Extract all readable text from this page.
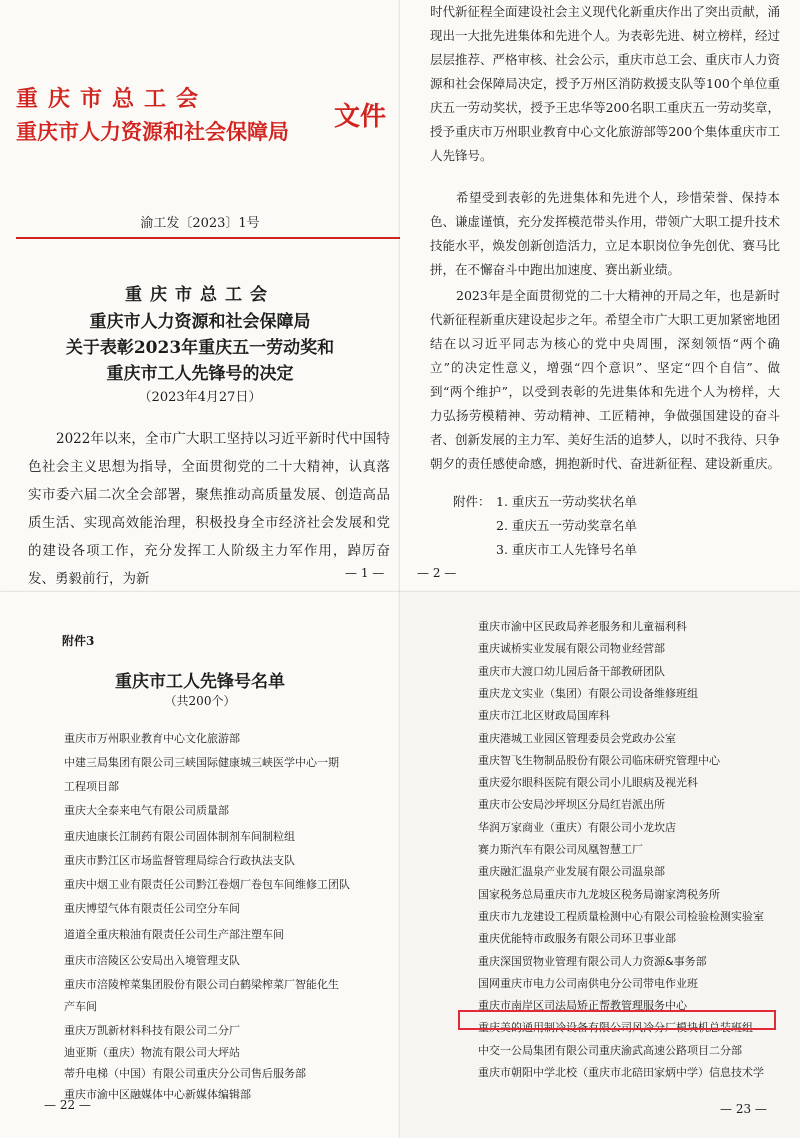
重庆市总工会
重庆市人力资源和社会保障局 文件
渝工发〔2023〕1号
重庆市总工会
重庆市人力资源和社会保障局
关于表彰2023年重庆五一劳动奖和
重庆市工人先锋号的决定
（2023年4月27日）
2022年以来，全市广大职工坚持以习近平新时代中国特色社会主义思想为指导，全面贯彻党的二十大精神，认真落实市委六届二次全会部署，聚焦推动高质量发展、创造高品质生活、实现高效能治理，积极投身全市经济社会发展和党的建设各项工作，充分发挥工人阶级主力军作用，踔厉奋发、勇毅前行，为新	— 1 —
时代新征程全面建设社会主义现代化新重庆作出了突出贡献，涌现出一大批先进集体和先进个人。为表彰先进、树立榜样，经过层层推荐、严格审核、社会公示，重庆市总工会、重庆市人力资源和社会保障局决定，授予万州区消防救援支队等100个单位重庆五一劳动奖状，授予王忠华等200名职工重庆五一劳动奖章，授予重庆市万州职业教育中心文化旅游部等200个集体重庆市工人先锋号。
希望受到表彰的先进集体和先进个人，珍惜荣誉、保持本色、谦虚谨慎，充分发挥模范带头作用，带领广大职工提升技术技能水平，焕发创新创造活力，立足本职岗位争先创优、赛马比拼，在不懈奋斗中跑出加速度、赛出新业绩。
2023年是全面贯彻党的二十大精神的开局之年，也是新时代新征程新重庆建设起步之年。希望全市广大职工更加紧密地团结在以习近平同志为核心的党中央周围，深刻领悟“两个确立”的决定性意义，增强“四个意识”、坚定“四个自信”、做到“两个维护”，以受到表彰的先进集体和先进个人为榜样，大力弘扬劳模精神、劳动精神、工匠精神，争做强国建设的奋斗者、创新发展的主力军、美好生活的追梦人，以时不我待、只争朝夕的责任感使命感，拥抱新时代、奋进新征程、建设新重庆。
附件： 1. 重庆五一劳动奖状名单
2. 重庆五一劳动奖章名单
3. 重庆市工人先锋号名单
— 2 —
附件3
重庆市工人先锋号名单
（共200个）
重庆市万州职业教育中心文化旅游部
中建三局集团有限公司三峡国际健康城三峡医学中心一期
工程项目部
重庆大全泰来电气有限公司质量部
重庆迪康长江制药有限公司固体制剂车间制粒组
重庆市黔江区市场监督管理局综合行政执法支队
重庆中烟工业有限责任公司黔江卷烟厂卷包车间维修工团队
重庆博望气体有限责任公司空分车间
道道全重庆粮油有限责任公司生产部注塑车间
重庆市涪陵区公安局出入境管理支队
重庆市涪陵榨菜集团股份有限公司白鹤梁榨菜厂智能化生
产车间
重庆万凯新材料科技有限公司二分厂
迪亚斯（重庆）物流有限公司大坪站
蒂升电梯（中国）有限公司重庆分公司售后服务部
重庆市渝中区融媒体中心新媒体编辑部
— 22 —
重庆市渝中区民政局养老服务和儿童福利科
重庆诚桥实业发展有限公司物业经营部
重庆市大渡口幼儿园后备干部教研团队
重庆龙文实业（集团）有限公司设备维修班组
重庆市江北区财政局国库科
重庆港城工业园区管理委员会党政办公室
重庆智飞生物制品股份有限公司临床研究管理中心
重庆爱尔眼科医院有限公司小儿眼病及视光科
重庆市公安局沙坪坝区分局红岩派出所
华润万家商业（重庆）有限公司小龙坎店
赛力斯汽车有限公司凤凰智慧工厂
重庆融汇温泉产业发展有限公司温泉部
国家税务总局重庆市九龙坡区税务局谢家湾税务所
重庆市九龙建设工程质量检测中心有限公司检验检测实验室
重庆优能特市政服务有限公司环卫事业部
重庆深国贸物业管理有限公司人力资源&事务部
国网重庆市电力公司南供电分公司带电作业班
重庆市南岸区司法局矫正帮教管理服务中心
重庆美的通用制冷设备有限公司风冷分厂模块机总装班组
中交一公局集团有限公司重庆渝武高速公路项目二分部
重庆市朝阳中学北校（重庆市北碚田家炳中学）信息技术学
— 23 —
